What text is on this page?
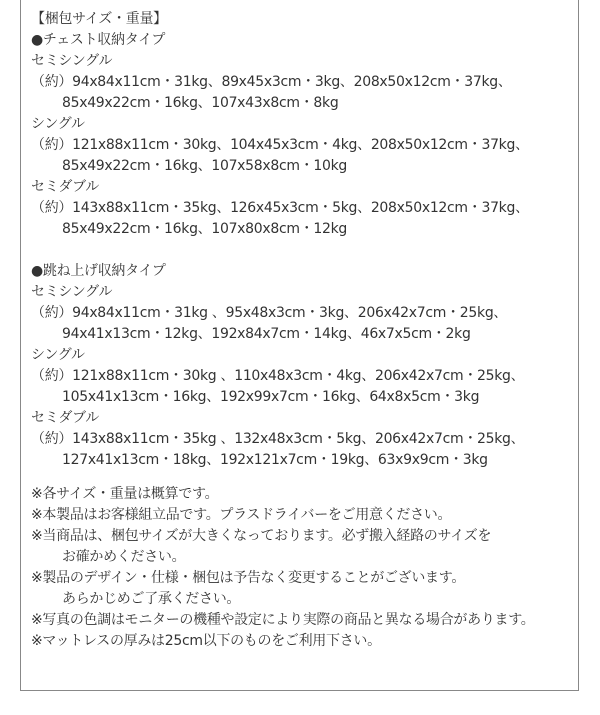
【梱包サイズ・重量】
●チェスト収納タイプ
セミシングル
（約）94x84x11cm・31kg、89x45x3cm・3kg、208x50x12cm・37kg、
85x49x22cm・16kg、107x43x8cm・8kg
シングル
（約）121x88x11cm・30kg、104x45x3cm・4kg、208x50x12cm・37kg、
85x49x22cm・16kg、107x58x8cm・10kg
セミダブル
（約）143x88x11cm・35kg、126x45x3cm・5kg、208x50x12cm・37kg、
85x49x22cm・16kg、107x80x8cm・12kg
●跳ね上げ収納タイプ
セミシングル
（約）94x84x11cm・31kg 、95x48x3cm・3kg、206x42x7cm・25kg、
94x41x13cm・12kg、192x84x7cm・14kg、46x7x5cm・2kg
シングル
（約）121x88x11cm・30kg 、110x48x3cm・4kg、206x42x7cm・25kg、
105x41x13cm・16kg、192x99x7cm・16kg、64x8x5cm・3kg
セミダブル
（約）143x88x11cm・35kg 、132x48x3cm・5kg、206x42x7cm・25kg、
127x41x13cm・18kg、192x121x7cm・19kg、63x9x9cm・3kg
※各サイズ・重量は概算です。
※本製品はお客様組立品です。プラスドライバーをご用意ください。
※当商品は、梱包サイズが大きくなっております。必ず搬入経路のサイズを
お確かめください。
※製品のデザイン・仕様・梱包は予告なく変更することがございます。
あらかじめご了承ください。
※写真の色調はモニターの機種や設定により実際の商品と異なる場合があります。
※マットレスの厚みは25cm以下のものをご利用下さい。
